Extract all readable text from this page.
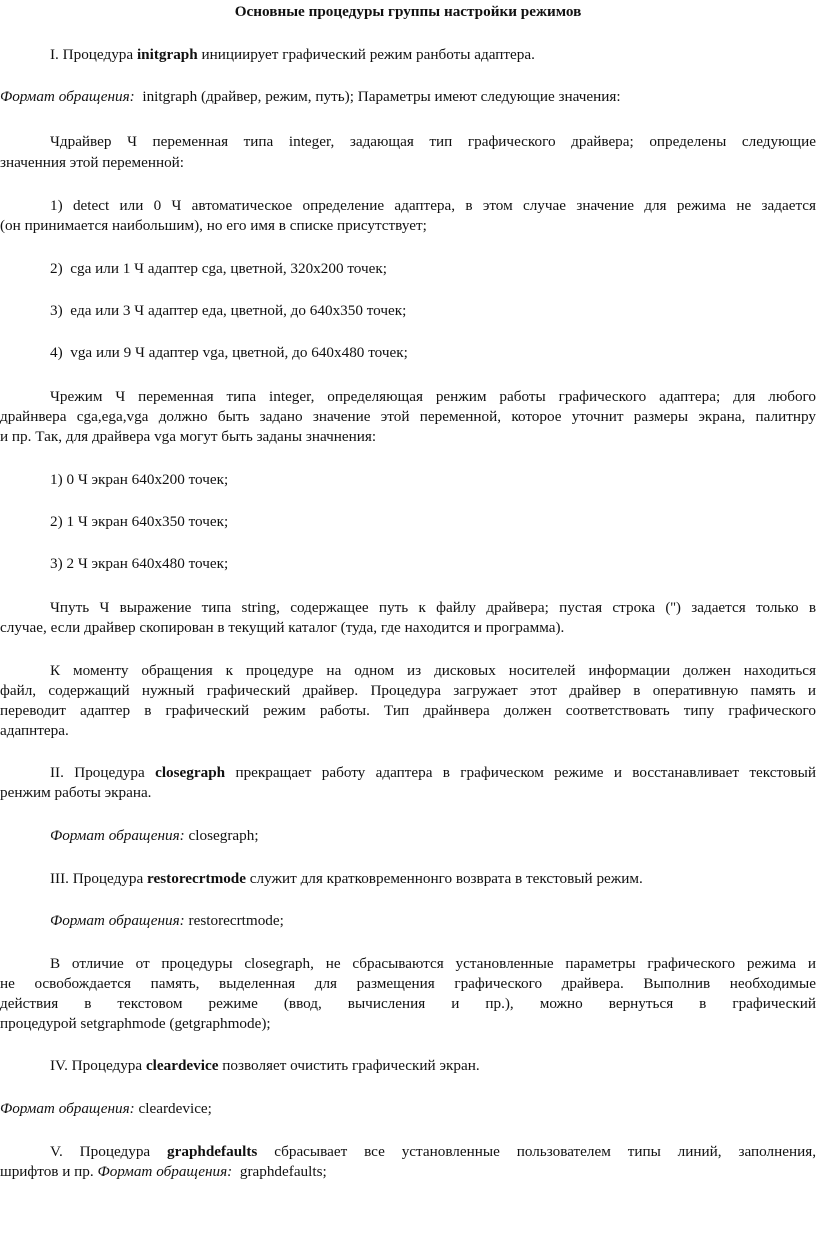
Основные процедуры группы настройки режимов
I. Процедура initgraph инициирует графический режим ранботы адаптера.
Формат обращения:  initgraph (драйвер, режим, путь); Параметры имеют следующие значения:
Чдрайвер Ч переменная типа integer, задающая тип графического драйвера; определены следующие
значенния этой переменной:
1) detect или 0 Ч автоматическое определение адаптера, в этом случае значение для режима не задается
(он принимается наибольшим), но его имя в списке присутствует;
2)  cga или 1 Ч адаптер cga, цветной, 320x200 точек;
3)  eда или 3 Ч адаптер eда, цветной, до 640x350 точек;
4)  vga или 9 Ч адаптер vga, цветной, до 640x480 точек;
Чрежим Ч переменная типа integer, определяющая ренжим работы графического адаптера; для любого
драйнвера cga,ega,vga должно быть задано значение этой переменной, которое уточнит размеры экрана, палитнру
и пр. Так, для драйвера vga могут быть заданы значнения:
1) 0 Ч экран 640x200 точек;
2) 1 Ч экран 640x350 точек;
3) 2 Ч экран 640x480 точек;
Чпуть Ч выражение типа string, содержащее путь к файлу драйвера; пустая строка ('') задается только в
случае, если драйвер скопирован в текущий каталог (туда, где находится и программа).
К моменту обращения к процедуре на одном из дисковых носителей информации должен находиться
файл, содержащий нужный графический драйвер. Процедура загружает этот драйвер в оперативную память и
переводит адаптер в графический режим работы. Тип драйнвера должен соответствовать типу графического
адапнтера.
II. Процедура closegraph прекращает работу адаптера в графическом режиме и восстанавливает текстовый
ренжим работы экрана.
Формат обращения: closegraph;
III. Процедура restorecrtmode служит для кратковременнонго возврата в текстовый режим.
Формат обращения: restorecrtmode;
В отличие от процедуры closegraph, не сбрасываются установленные параметры графического режима и
не освобождается память, выделенная для размещения графического драйвера. Выполнив необходимые
действия в текстовом режиме (ввод, вычисления и пр.), можно вернуться в графический
процедурой setgraphmode (getgraphmode);
IV. Процедура cleardevice позволяет очистить графический экран.
Формат обращения: cleardevice;
V. Процедура graphdefaults сбрасывает все установленные пользователем типы линий, заполнения,
шрифтов и пр. Формат обращения:  graphdefaults;
